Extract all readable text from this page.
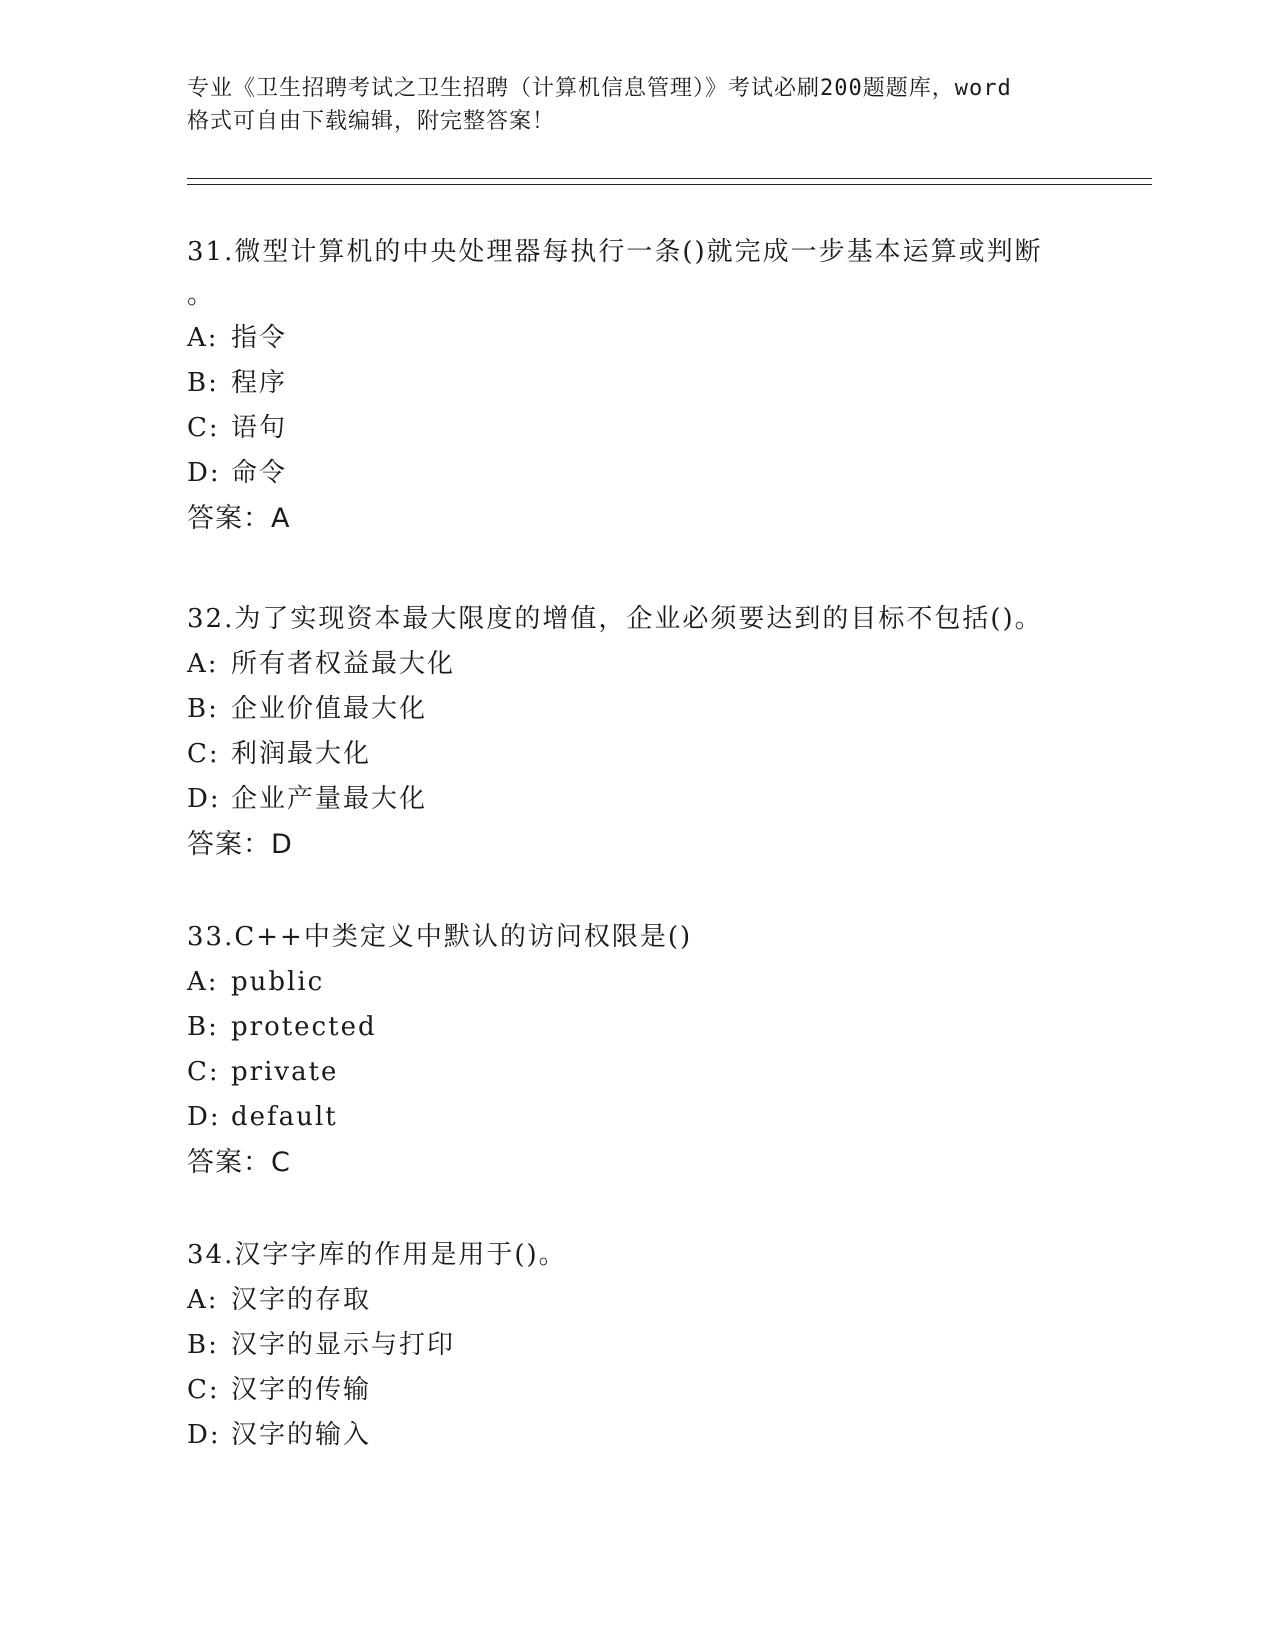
专业《卫生招聘考试之卫生招聘（计算机信息管理）》考试必刷200题题库，word
格式可自由下载编辑，附完整答案！
31.微型计算机的中央处理器每执行一条()就完成一步基本运算或判断
。
A: 指令
B: 程序
C: 语句
D: 命令
答案：A
32.为了实现资本最大限度的增值，企业必须要达到的目标不包括()。
A: 所有者权益最大化
B: 企业价值最大化
C: 利润最大化
D: 企业产量最大化
答案：D
33.C++中类定义中默认的访问权限是()
A: public
B: protected
C: private
D: default
答案：C
34.汉字字库的作用是用于()。
A: 汉字的存取
B: 汉字的显示与打印
C: 汉字的传输
D: 汉字的输入
